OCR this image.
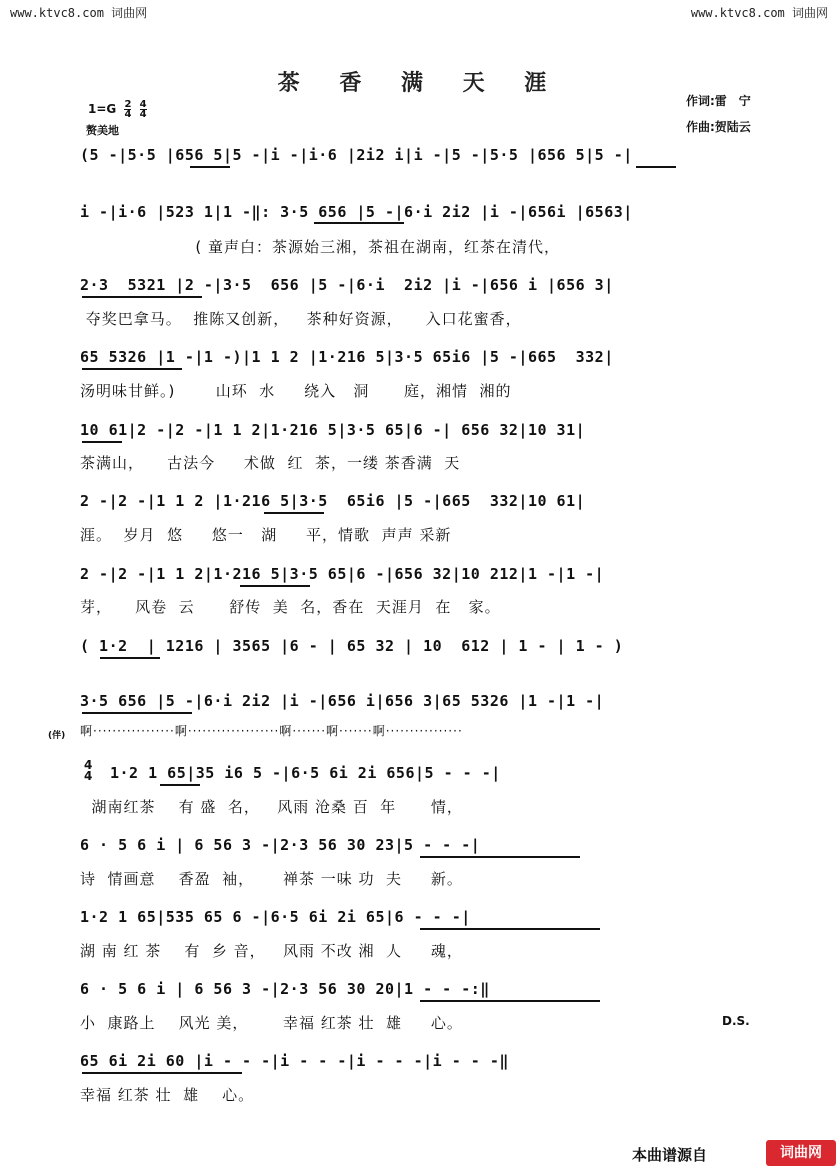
www.ktvc8.com 词曲网	www.ktvc8.com 词曲网
茶 香 满 天 涯
作词:雷　宁
作曲:贺陆云
$1=G \frac{2}{4}$
$\frac{4}{4}$
赘美地
(5 -|5·5 |656 5|5 -|i -|i·6 |2i2 i|i -|5 -|5·5 |656 5|5 -|
i -|i·6 |523 1|1 -‖: 3·5 656 |5 -|6·i 2i2 |i -|656i |6563|
( 童声白：茶源始三湘，茶祖在湖南，红茶在清代，
2·3  5321 |2 -|3·5  656 |5 -|6·i  2i2 |i -|656 i |656 3|
夺奖巴拿马。  推陈又创新，   茶种好资源，    入口花蜜香，
65 5326 |1 -|1 -)|1 1 2 |1·216 5|3·5 65i6 |5 -|665  332|
汤明味甘鲜。)       山环  水     绕入   洞      庭，湘情  湘的
10 61|2 -|2 -|1 1 2|1·216 5|3·5 65|6 -| 656 32|10 31|
茶满山，    古法今     术做  红  茶，一缕 茶香满  天
2 -|2 -|1 1 2 |1·216 5|3·5  65i6 |5 -|665  332|10 61|
涯。  岁月  悠     悠一   湖     平，情歌  声声 采新
2 -|2 -|1 1 2|1·216 5|3·5 65|6 -|656 32|10 212|1 -|1 -|
芽，    风卷  云      舒传  美  名，香在  天涯月  在   家。
( 1·2  | 1216 | 3565 |6 - | 65 32 | 10  612 | 1 - | 1 - )
3·5 656 |5 -|6·i 2i2 |i -|656 i|656 3|65 5326 |1 -|1 -|
(伴) 啊·················啊···················啊·······啊·······啊················
4
4 1·2 1 65|35 i6 5 -|6·5 6i 2i 656|5 - - -|
湖南红茶    有 盛  名，   风雨 沧桑 百  年      情，
6 · 5 6 i | 6 56 3 -|2·3 56 30 23|5 - - -|
诗  情画意    香盈  袖，     禅茶 一味 功  夫     新。
1·2 1 65|535 65 6 -|6·5 6i 2i 65|6 - - -|
湖 南 红 茶    有  乡 音，   风雨 不改 湘  人     魂，
6 · 5 6 i | 6 56 3 -|2·3 56 30 20|1 - - -:‖
小  康路上    风光 美，      幸福 红茶 壮  雄     心。	D.S.
65 6i 2i 60 |i - - -|i - - -|i - - -|i - - -‖
幸福 红茶 壮  雄    心。
本曲谱源自	词曲网
